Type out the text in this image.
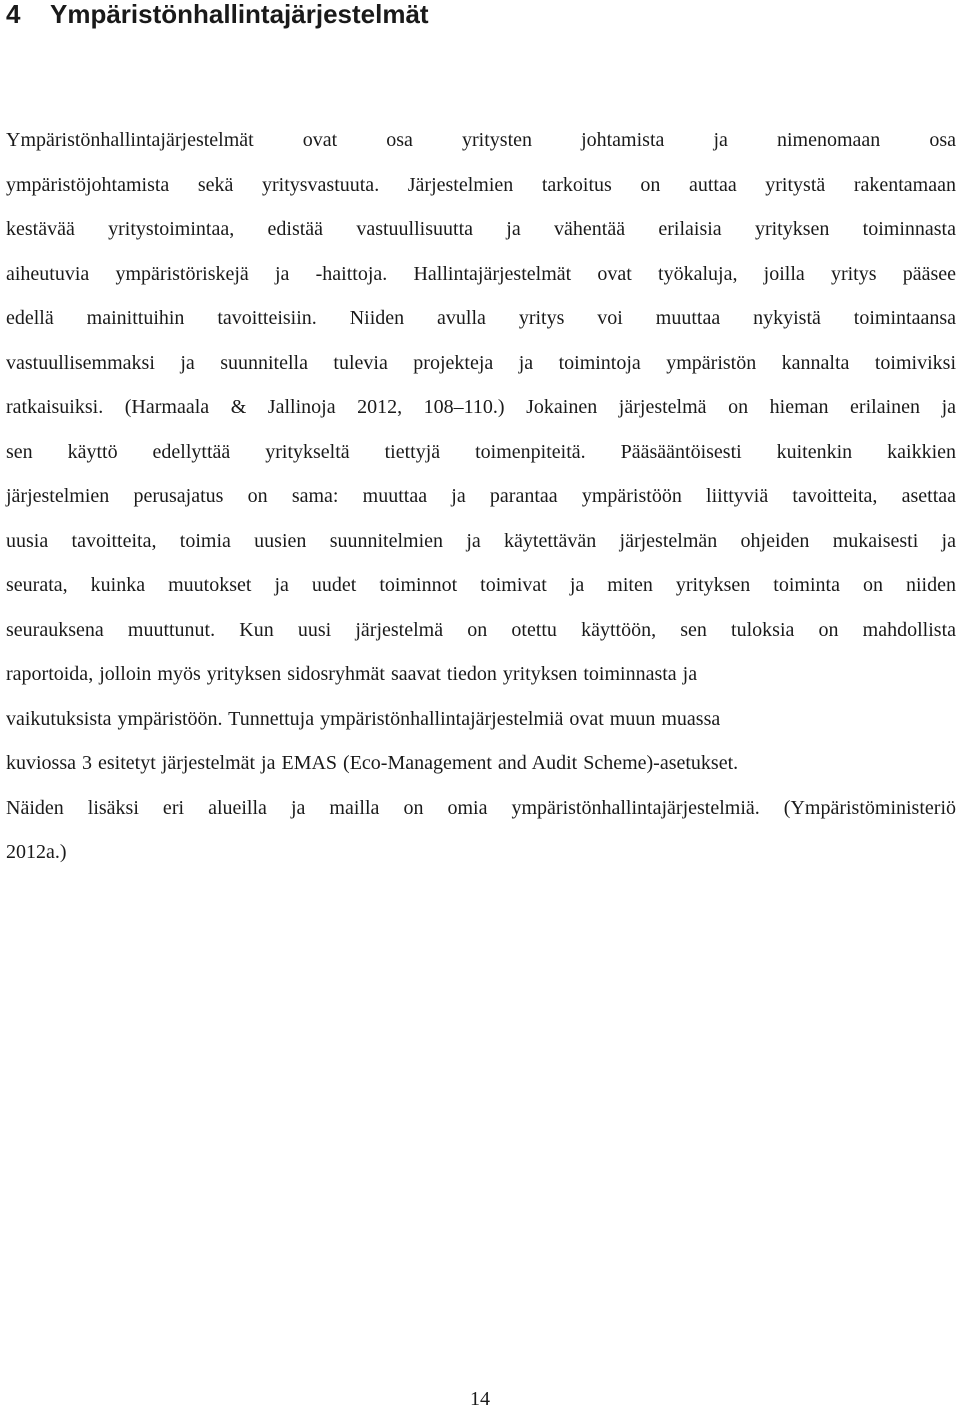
4 Ympäristönhallintajärjestelmät
Ympäristönhallintajärjestelmät ovat osa yritysten johtamista ja nimenomaan osa
ympäristöjohtamista sekä yritysvastuuta. Järjestelmien tarkoitus on auttaa yritystä rakentamaan
kestävää yritystoimintaa, edistää vastuullisuutta ja vähentää erilaisia yrityksen toiminnasta
aiheutuvia ympäristöriskejä ja -haittoja. Hallintajärjestelmät ovat työkaluja, joilla yritys pääsee
edellä mainittuihin tavoitteisiin. Niiden avulla yritys voi muuttaa nykyistä toimintaansa
vastuullisemmaksi ja suunnitella tulevia projekteja ja toimintoja ympäristön kannalta toimiviksi
ratkaisuiksi. (Harmaala & Jallinoja 2012, 108–110.) Jokainen järjestelmä on hieman erilainen ja
sen käyttö edellyttää yritykseltä tiettyjä toimenpiteitä. Pääsääntöisesti kuitenkin kaikkien
järjestelmien perusajatus on sama: muuttaa ja parantaa ympäristöön liittyviä tavoitteita, asettaa
uusia tavoitteita, toimia uusien suunnitelmien ja käytettävän järjestelmän ohjeiden mukaisesti ja
seurata, kuinka muutokset ja uudet toiminnot toimivat ja miten yrityksen toiminta on niiden
seurauksena muuttunut. Kun uusi järjestelmä on otettu käyttöön, sen tuloksia on mahdollista
raportoida, jolloin myös yrityksen sidosryhmät saavat tiedon yrityksen toiminnasta ja
vaikutuksista ympäristöön. Tunnettuja ympäristönhallintajärjestelmiä ovat muun muassa
kuviossa 3 esitetyt järjestelmät ja EMAS (Eco-Management and Audit Scheme)-asetukset.
Näiden lisäksi eri alueilla ja mailla on omia ympäristönhallintajärjestelmiä. (Ympäristöministeriö
2012a.)
14
